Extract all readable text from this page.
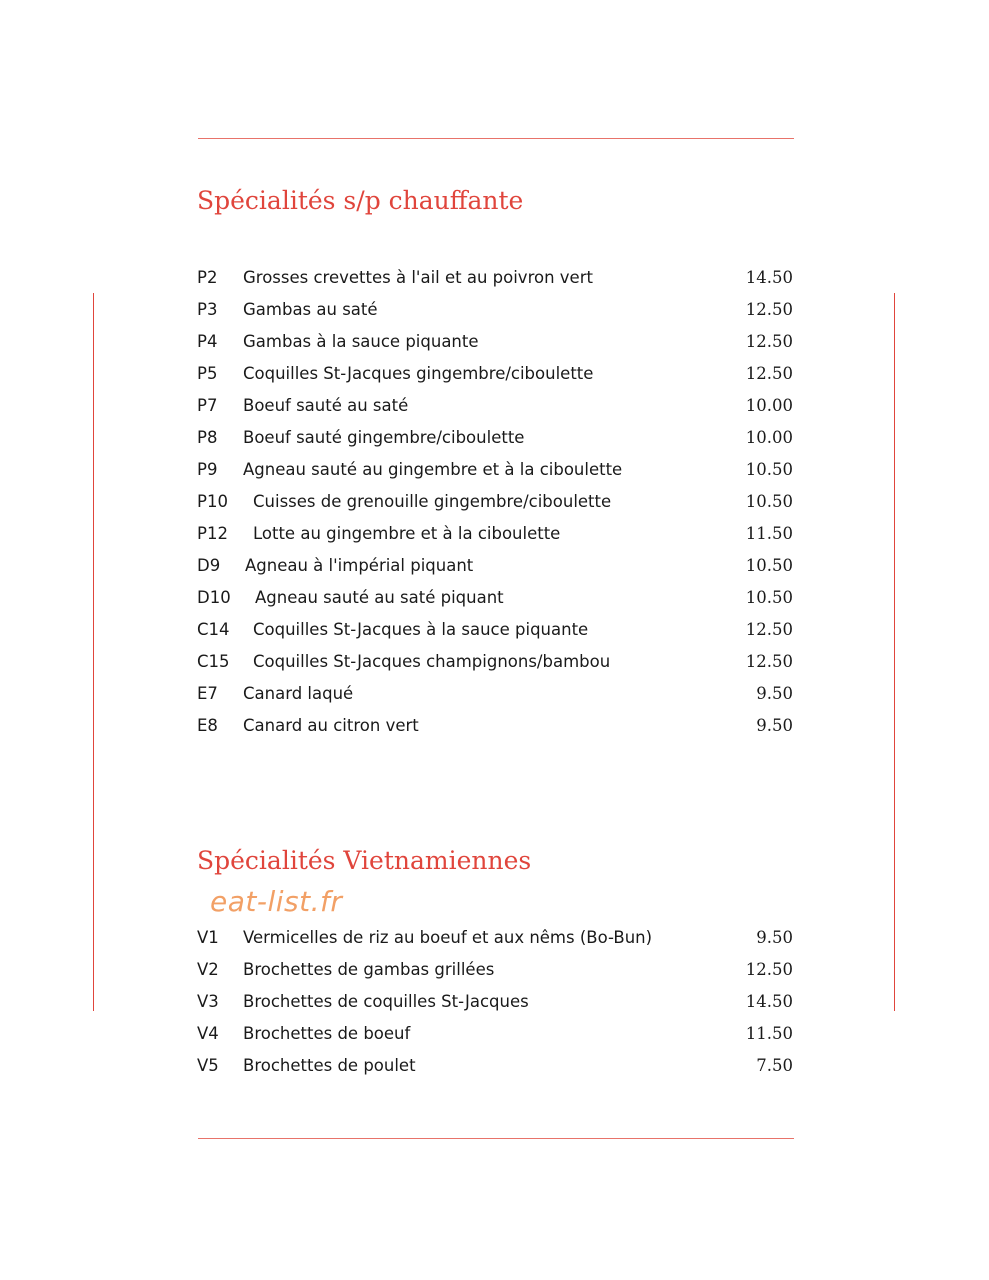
Spécialités s/p chauffante
P2 Grosses crevettes à l'ail et au poivron vert	14.50
P3 Gambas au saté	12.50
P4 Gambas à la sauce piquante	12.50
P5 Coquilles St-Jacques gingembre/ciboulette	12.50
P7 Boeuf sauté au saté	10.00
P8 Boeuf sauté gingembre/ciboulette	10.00
P9 Agneau sauté au gingembre et à la ciboulette	10.50
P10 Cuisses de grenouille gingembre/ciboulette	10.50
P12 Lotte au gingembre et à la ciboulette	11.50
D9 Agneau à l'impérial piquant	10.50
D10 Agneau sauté au saté piquant	10.50
C14 Coquilles St-Jacques à la sauce piquante	12.50
C15 Coquilles St-Jacques champignons/bambou	12.50
E7 Canard laqué	9.50
E8 Canard au citron vert	9.50
Spécialités Vietnamiennes
eat-list.fr
V1 Vermicelles de riz au boeuf et aux nêms (Bo-Bun)	9.50
V2 Brochettes de gambas grillées	12.50
V3 Brochettes de coquilles St-Jacques	14.50
V4 Brochettes de boeuf	11.50
V5 Brochettes de poulet	7.50
